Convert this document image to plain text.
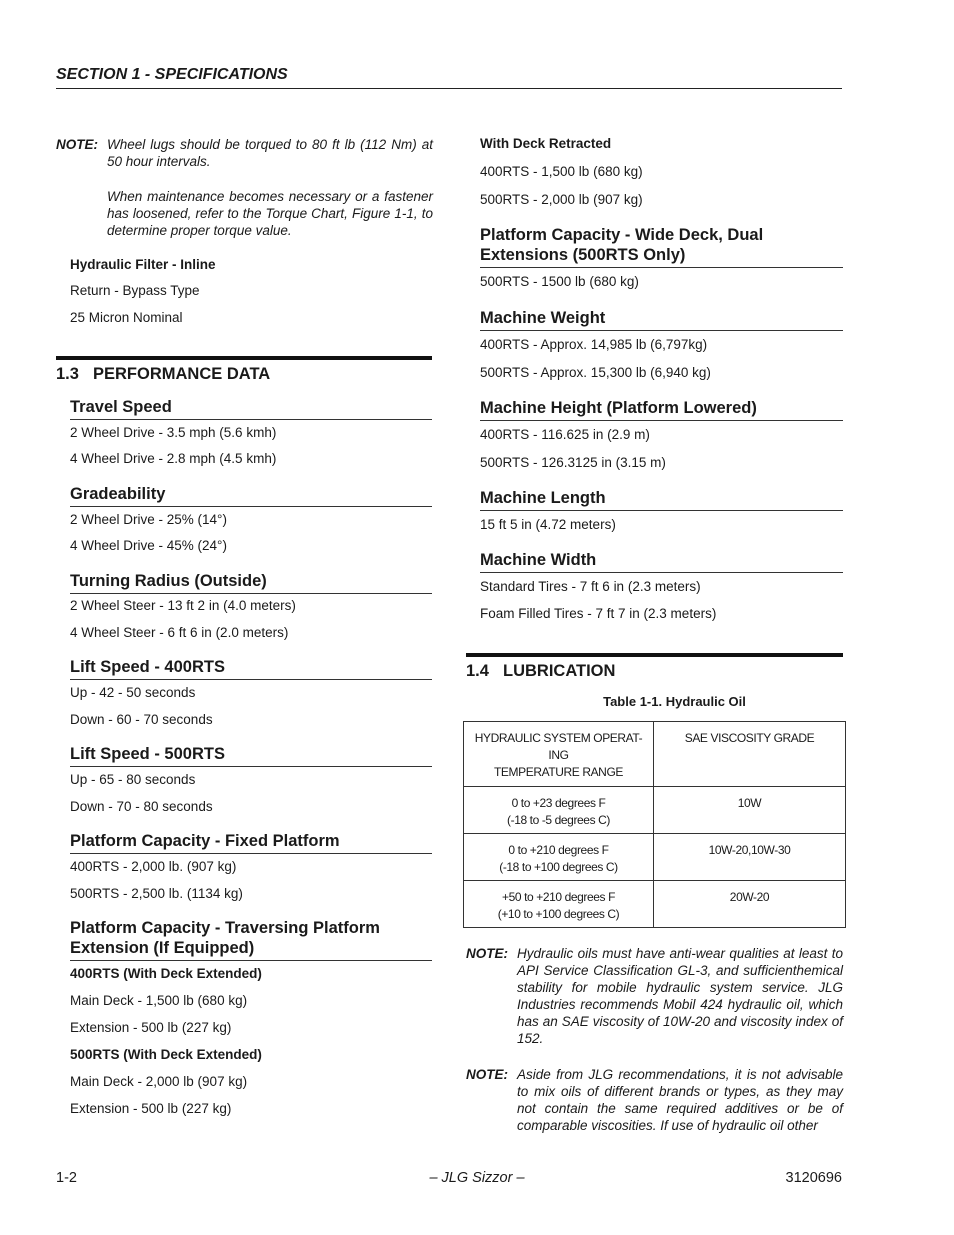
SECTION 1 - SPECIFICATIONS
NOTE: Wheel lugs should be torqued to 80 ft lb (112 Nm) at 50 hour intervals.

When maintenance becomes necessary or a fastener has loosened, refer to the Torque Chart, Figure 1-1, to determine proper torque value.

Hydraulic Filter - Inline
Return - Bypass Type
25 Micron Nominal
1.3 PERFORMANCE DATA
Travel Speed
2 Wheel Drive - 3.5 mph (5.6 kmh)
4 Wheel Drive - 2.8 mph (4.5 kmh)
Gradeability
2 Wheel Drive - 25% (14°)
4 Wheel Drive - 45% (24°)
Turning Radius (Outside)
2 Wheel Steer - 13 ft 2 in (4.0 meters)
4 Wheel Steer - 6 ft 6 in (2.0 meters)
Lift Speed - 400RTS
Up - 42 - 50 seconds
Down - 60 - 70 seconds
Lift Speed - 500RTS
Up - 65 - 80 seconds
Down - 70 - 80 seconds
Platform Capacity - Fixed Platform
400RTS - 2,000 lb. (907 kg)
500RTS - 2,500 lb. (1134 kg)
Platform Capacity - Traversing Platform Extension (If Equipped)
400RTS (With Deck Extended)
Main Deck - 1,500 lb (680 kg)
Extension - 500 lb (227 kg)
500RTS (With Deck Extended)
Main Deck - 2,000 lb (907 kg)
Extension - 500 lb (227 kg)
With Deck Retracted
400RTS - 1,500 lb (680 kg)
500RTS - 2,000 lb (907 kg)
Platform Capacity - Wide Deck, Dual Extensions (500RTS Only)
500RTS - 1500 lb (680 kg)
Machine Weight
400RTS - Approx. 14,985 lb (6,797kg)
500RTS - Approx. 15,300 lb (6,940 kg)
Machine Height (Platform Lowered)
400RTS - 116.625 in (2.9 m)
500RTS - 126.3125 in (3.15 m)
Machine Length
15 ft 5 in (4.72 meters)
Machine Width
Standard Tires - 7 ft 6 in (2.3 meters)
Foam Filled Tires - 7 ft 7 in (2.3 meters)
1.4 LUBRICATION
Table 1-1. Hydraulic Oil
HYDRAULIC SYSTEM OPERAT-
ING
TEMPERATURE RANGE	SAE VISCOSITY GRADE
0 to +23 degrees F
(-18 to -5 degrees C)	10W
0 to +210 degrees F
(-18 to +100 degrees C)	10W-20,10W-30
+50 to +210 degrees F
(+10 to +100 degrees C)	20W-20
NOTE: Hydraulic oils must have anti-wear qualities at least to API Service Classification GL-3, and sufficienthemical stability for mobile hydraulic system service. JLG Industries recommends Mobil 424 hydraulic oil, which has an SAE viscosity of 10W-20 and viscosity index of 152.

NOTE: Aside from JLG recommendations, it is not advisable to mix oils of different brands or types, as they may not contain the same required additives or be of comparable viscosities. If use of hydraulic oil other

1-2	– JLG Sizzor –	3120696
